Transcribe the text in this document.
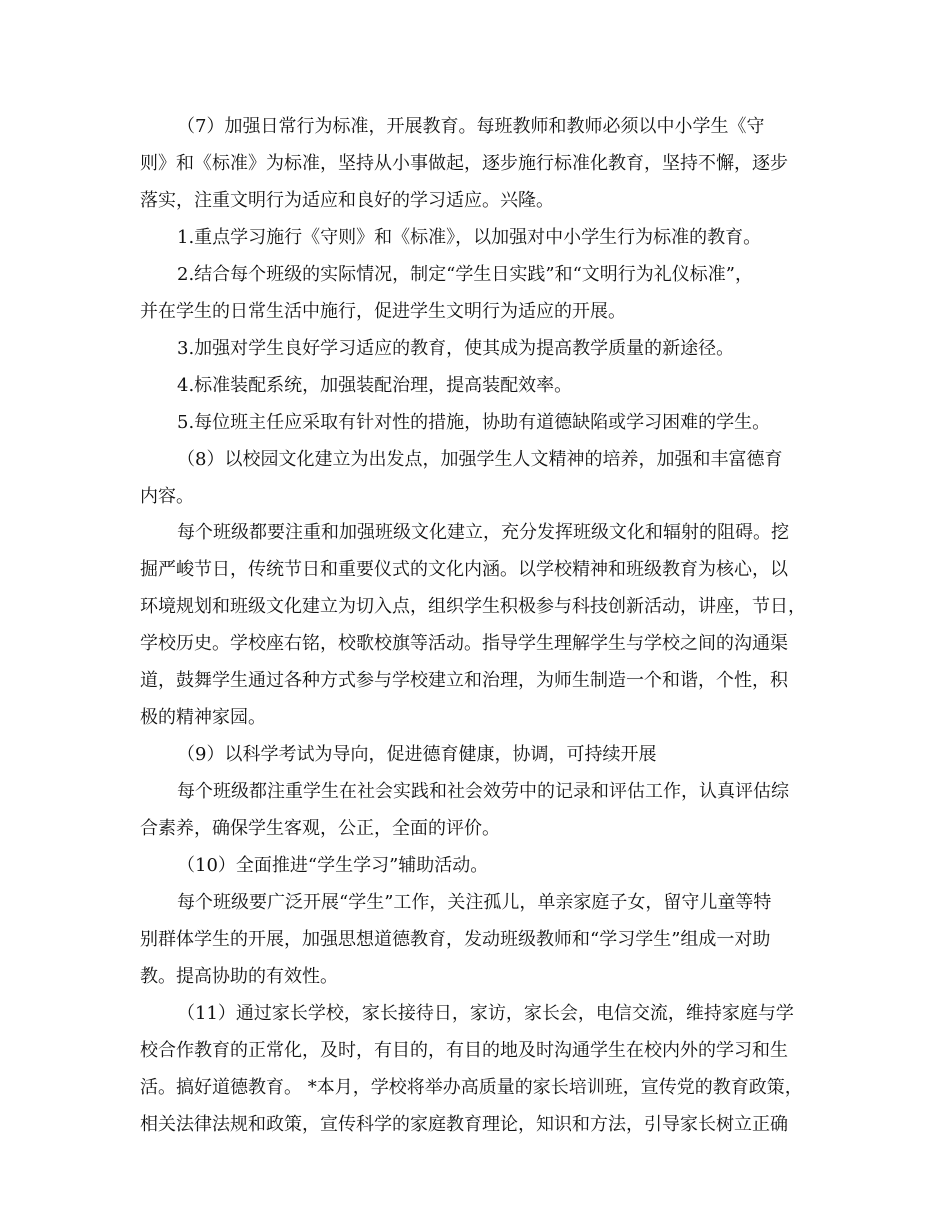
（7）加强日常行为标准，开展教育。每班教师和教师必须以中小学生《守
则》和《标准》为标准，坚持从小事做起，逐步施行标准化教育，坚持不懈，逐步
落实，注重文明行为适应和良好的学习适应。兴隆。
1.重点学习施行《守则》和《标准》，以加强对中小学生行为标准的教育。
2.结合每个班级的实际情况，制定“学生日实践”和“文明行为礼仪标准”，
并在学生的日常生活中施行，促进学生文明行为适应的开展。
3.加强对学生良好学习适应的教育，使其成为提高教学质量的新途径。
4.标准装配系统，加强装配治理，提高装配效率。
5.每位班主任应采取有针对性的措施，协助有道德缺陷或学习困难的学生。
（8）以校园文化建立为出发点，加强学生人文精神的培养，加强和丰富德育
内容。
每个班级都要注重和加强班级文化建立，充分发挥班级文化和辐射的阻碍。挖
掘严峻节日，传统节日和重要仪式的文化内涵。以学校精神和班级教育为核心，以
环境规划和班级文化建立为切入点，组织学生积极参与科技创新活动，讲座，节日，
学校历史。学校座右铭，校歌校旗等活动。指导学生理解学生与学校之间的沟通渠
道，鼓舞学生通过各种方式参与学校建立和治理，为师生制造一个和谐，个性，积
极的精神家园。
（9）以科学考试为导向，促进德育健康，协调，可持续开展
每个班级都注重学生在社会实践和社会效劳中的记录和评估工作，认真评估综
合素养，确保学生客观，公正，全面的评价。
（10）全面推进“学生学习”辅助活动。
每个班级要广泛开展“学生”工作，关注孤儿，单亲家庭子女，留守儿童等特
别群体学生的开展，加强思想道德教育，发动班级教师和“学习学生”组成一对助
教。提高协助的有效性。
（11）通过家长学校，家长接待日，家访，家长会，电信交流，维持家庭与学
校合作教育的正常化，及时，有目的，有目的地及时沟通学生在校内外的学习和生
活。搞好道德教育。 *本月，学校将举办高质量的家长培训班，宣传党的教育政策，
相关法律法规和政策，宣传科学的家庭教育理论，知识和方法，引导家长树立正确
